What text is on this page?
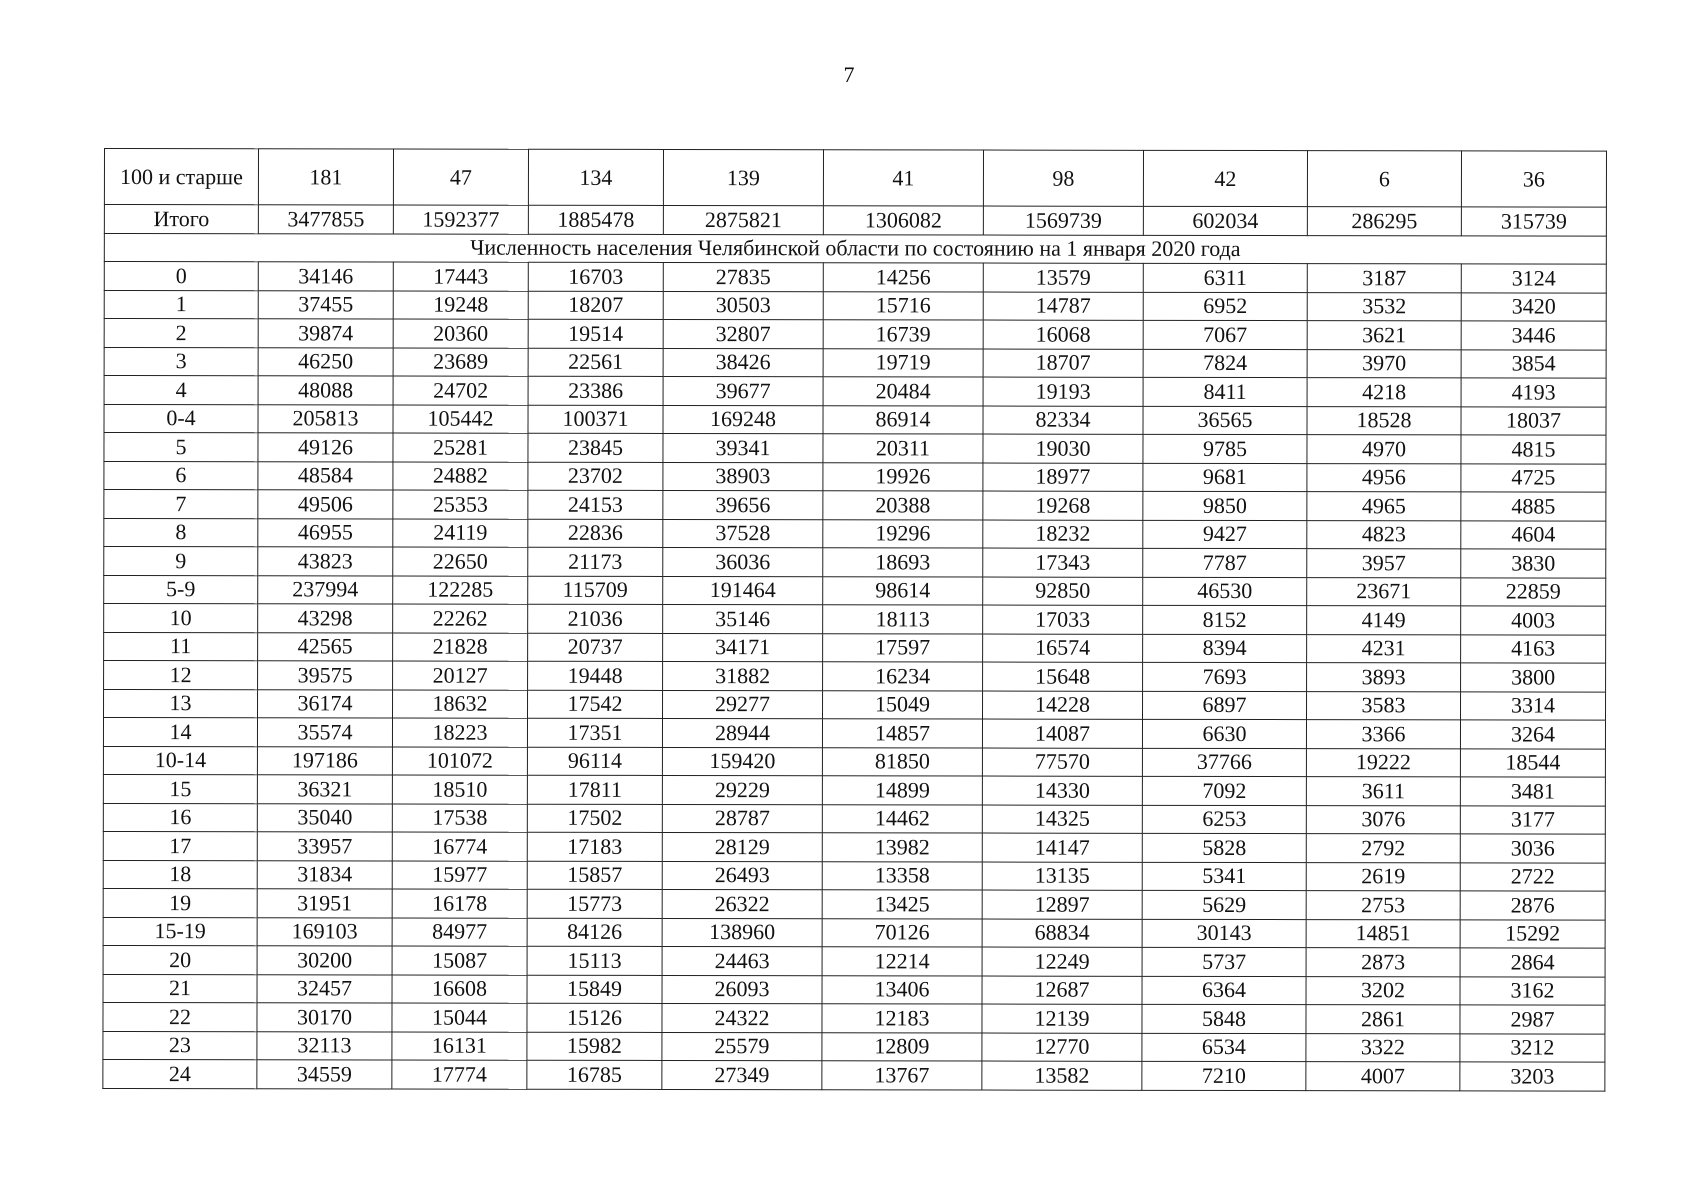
7
100 и старше	181	47	134	139	41	98	42	6	36
Итого	3477855	1592377	1885478	2875821	1306082	1569739	602034	286295	315739
Численность населения Челябинской области по состоянию на 1 января 2020 года									
0	34146	17443	16703	27835	14256	13579	6311	3187	3124
1	37455	19248	18207	30503	15716	14787	6952	3532	3420
2	39874	20360	19514	32807	16739	16068	7067	3621	3446
3	46250	23689	22561	38426	19719	18707	7824	3970	3854
4	48088	24702	23386	39677	20484	19193	8411	4218	4193
0-4	205813	105442	100371	169248	86914	82334	36565	18528	18037
5	49126	25281	23845	39341	20311	19030	9785	4970	4815
6	48584	24882	23702	38903	19926	18977	9681	4956	4725
7	49506	25353	24153	39656	20388	19268	9850	4965	4885
8	46955	24119	22836	37528	19296	18232	9427	4823	4604
9	43823	22650	21173	36036	18693	17343	7787	3957	3830
5-9	237994	122285	115709	191464	98614	92850	46530	23671	22859
10	43298	22262	21036	35146	18113	17033	8152	4149	4003
11	42565	21828	20737	34171	17597	16574	8394	4231	4163
12	39575	20127	19448	31882	16234	15648	7693	3893	3800
13	36174	18632	17542	29277	15049	14228	6897	3583	3314
14	35574	18223	17351	28944	14857	14087	6630	3366	3264
10-14	197186	101072	96114	159420	81850	77570	37766	19222	18544
15	36321	18510	17811	29229	14899	14330	7092	3611	3481
16	35040	17538	17502	28787	14462	14325	6253	3076	3177
17	33957	16774	17183	28129	13982	14147	5828	2792	3036
18	31834	15977	15857	26493	13358	13135	5341	2619	2722
19	31951	16178	15773	26322	13425	12897	5629	2753	2876
15-19	169103	84977	84126	138960	70126	68834	30143	14851	15292
20	30200	15087	15113	24463	12214	12249	5737	2873	2864
21	32457	16608	15849	26093	13406	12687	6364	3202	3162
22	30170	15044	15126	24322	12183	12139	5848	2861	2987
23	32113	16131	15982	25579	12809	12770	6534	3322	3212
24	34559	17774	16785	27349	13767	13582	7210	4007	3203
